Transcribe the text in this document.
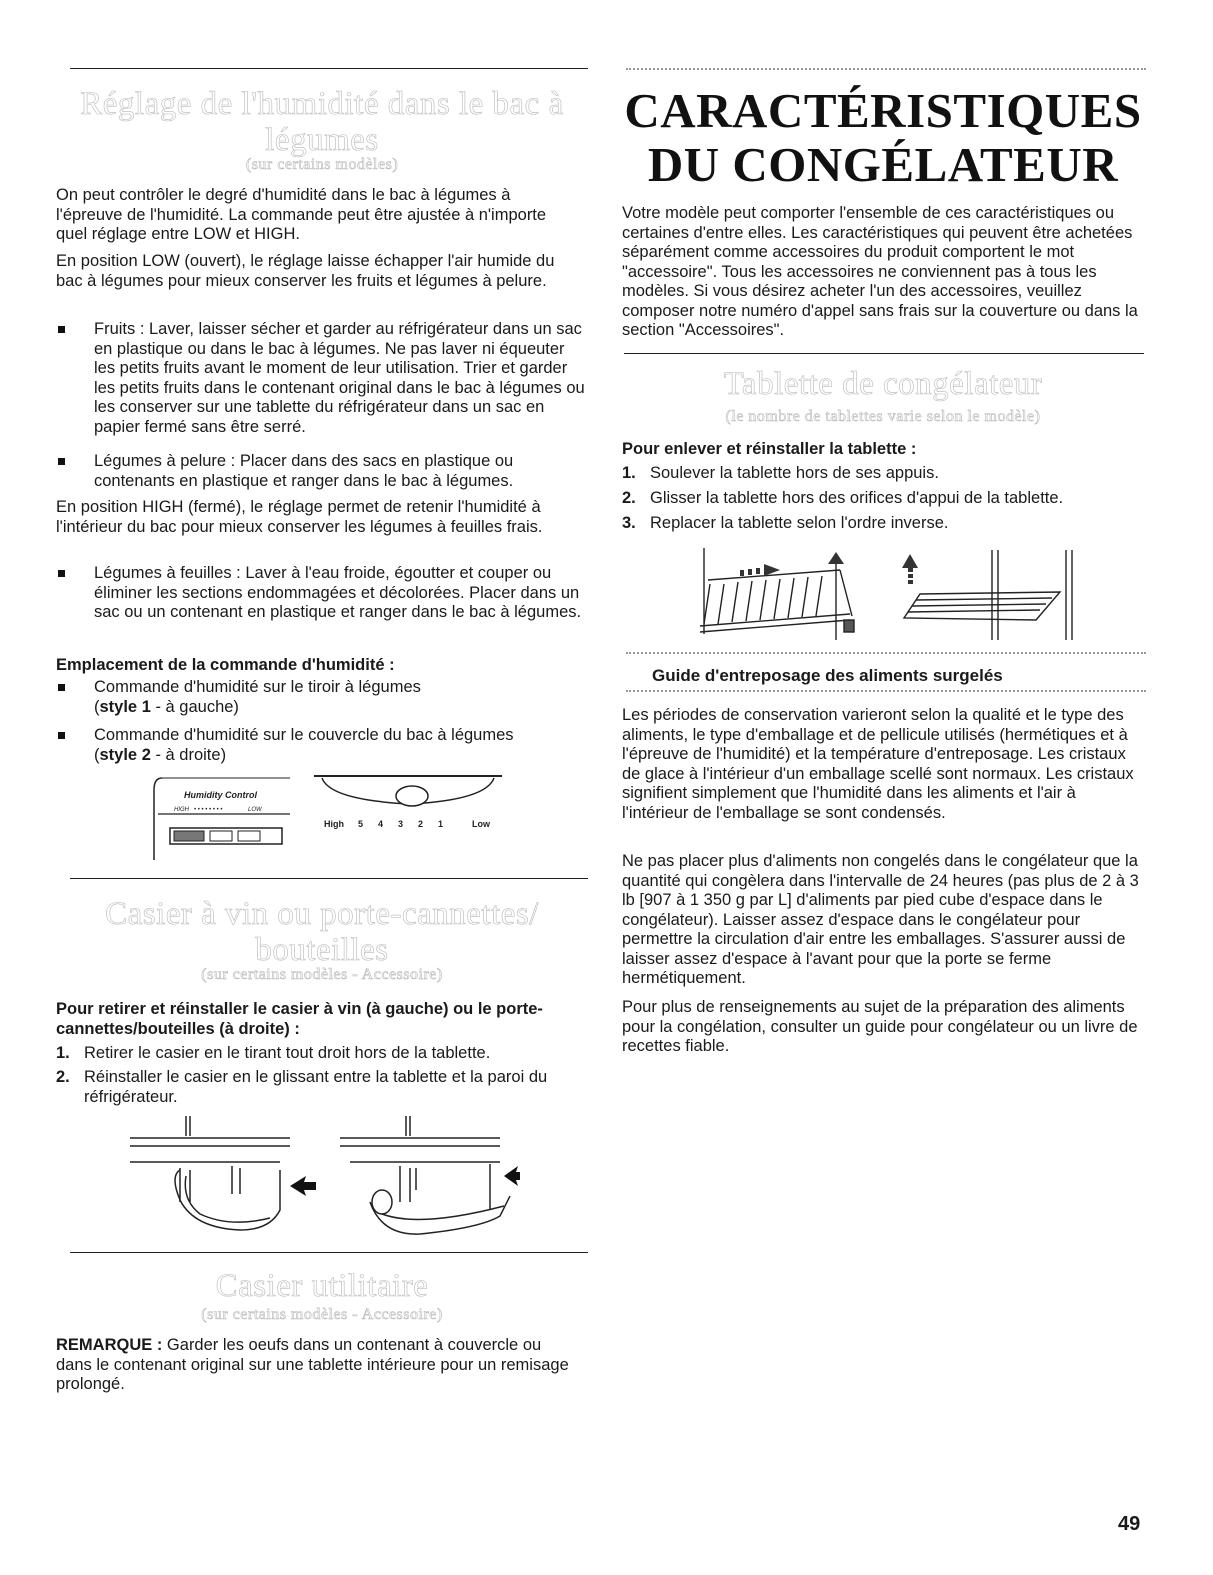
Réglage de l'humidité dans le bac à
légumes
(sur certains modèles)

On peut contrôler le degré d'humidité dans le bac à légumes à l'épreuve de l'humidité. La commande peut être ajustée à n'importe quel réglage entre LOW et HIGH.

En position LOW (ouvert), le réglage laisse échapper l'air humide du bac à légumes pour mieux conserver les fruits et légumes à pelure.

Fruits : Laver, laisser sécher et garder au réfrigérateur dans un sac en plastique ou dans le bac à légumes. Ne pas laver ni équeuter les petits fruits avant le moment de leur utilisation. Trier et garder les petits fruits dans le contenant original dans le bac à légumes ou les conserver sur une tablette du réfrigérateur dans un sac en papier fermé sans être serré.
Légumes à pelure : Placer dans des sacs en plastique ou contenants en plastique et ranger dans le bac à légumes.

En position HIGH (fermé), le réglage permet de retenir l'humidité à l'intérieur du bac pour mieux conserver les légumes à feuilles frais.

Légumes à feuilles : Laver à l'eau froide, égoutter et couper ou éliminer les sections endommagées et décolorées. Placer dans un sac ou un contenant en plastique et ranger dans le bac à légumes.
Emplacement de la commande d'humidité :
Commande d'humidité sur le tiroir à légumes
(style 1 - à gauche)
Commande d'humidité sur le couvercle du bac à légumes
(style 2 - à droite)
Humidity Control
HIGH • • • • • • • •	LOW
High 5 4 3 2 1	Low
Casier à vin ou porte-cannettes/
bouteilles
(sur certains modèles - Accessoire)
Pour retirer et réinstaller le casier à vin (à gauche) ou le porte-cannettes/bouteilles (à droite) :
1. Retirer le casier en le tirant tout droit hors de la tablette.
2. Réinstaller le casier en le glissant entre la tablette et la paroi du réfrigérateur.
Casier utilitaire
(sur certains modèles - Accessoire)

REMARQUE : Garder les oeufs dans un contenant à couvercle ou dans le contenant original sur une tablette intérieure pour un remisage prolongé.

CARACTÉRISTIQUES
DU CONGÉLATEUR

Votre modèle peut comporter l'ensemble de ces caractéristiques ou certaines d'entre elles. Les caractéristiques qui peuvent être achetées séparément comme accessoires du produit comportent le mot "accessoire". Tous les accessoires ne conviennent pas à tous les modèles. Si vous désirez acheter l'un des accessoires, veuillez composer notre numéro d'appel sans frais sur la couverture ou dans la section "Accessoires".

Tablette de congélateur
(le nombre de tablettes varie selon le modèle)
Pour enlever et réinstaller la tablette :
1. Soulever la tablette hors de ses appuis.
2. Glisser la tablette hors des orifices d'appui de la tablette.
3. Replacer la tablette selon l'ordre inverse.
Guide d'entreposage des aliments surgelés

Les périodes de conservation varieront selon la qualité et le type des aliments, le type d'emballage et de pellicule utilisés (hermétiques et à l'épreuve de l'humidité) et la température d'entreposage. Les cristaux de glace à l'intérieur d'un emballage scellé sont normaux. Les cristaux signifient simplement que l'humidité dans les aliments et l'air à l'intérieur de l'emballage se sont condensés.

Ne pas placer plus d'aliments non congelés dans le congélateur que la quantité qui congèlera dans l'intervalle de 24 heures (pas plus de 2 à 3 lb [907 à 1 350 g par L] d'aliments par pied cube d'espace dans le congélateur). Laisser assez d'espace dans le congélateur pour permettre la circulation d'air entre les emballages. S'assurer aussi de laisser assez d'espace à l'avant pour que la porte se ferme hermétiquement.

Pour plus de renseignements au sujet de la préparation des aliments pour la congélation, consulter un guide pour congélateur ou un livre de recettes fiable.

49
